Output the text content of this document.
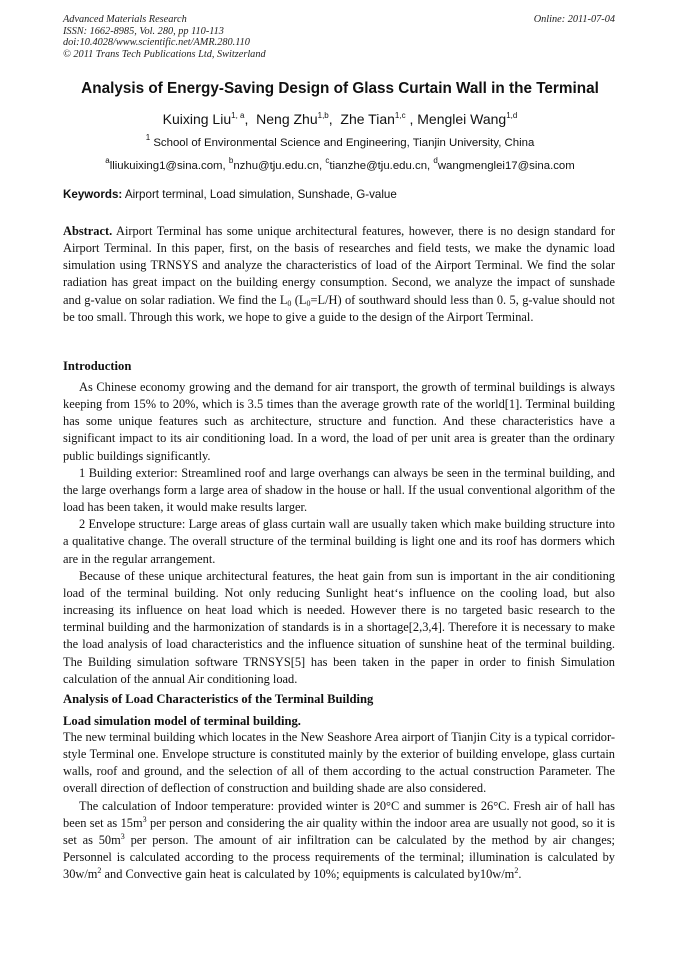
Advanced Materials Research	Online: 2011-07-04
ISSN: 1662-8985, Vol. 280, pp 110-113
doi:10.4028/www.scientific.net/AMR.280.110
© 2011 Trans Tech Publications Ltd, Switzerland
Analysis of Energy-Saving Design of Glass Curtain Wall in the Terminal
Kuixing Liu$^{1, a}$,  Neng Zhu$^{1,b}$,  Zhe Tian$^{1,c}$ , Menglei Wang$^{1,d}$
$^1$ School of Environmental Science and Engineering, Tianjin University, China
$^a$lliukuixing1@sina.com, $^b$nzhu@tju.edu.cn, $^c$tianzhe@tju.edu.cn, $^d$wangmenglei17@sina.com
Keywords: Airport terminal, Load simulation, Sunshade, G-value

Abstract. Airport Terminal has some unique architectural features, however, there is no design standard for Airport Terminal. In this paper, first, on the basis of researches and field tests, we make the dynamic load simulation using TRNSYS and analyze the characteristics of load of the Airport Terminal. We find the solar radiation has great impact on the building energy consumption. Second, we analyze the impact of sunshade and g-value on solar radiation. We find the $L_0$ $(L_0=L/H)$ of southward should less than 0. 5, g-value should not be too small. Through this work, we hope to give a guide to the design of the Airport Terminal.

Introduction

As Chinese economy growing and the demand for air transport, the growth of terminal buildings is always keeping from 15% to 20%, which is 3.5 times than the average growth rate of the world[1]. Terminal building has some unique features such as architecture, structure and function. And these characteristics have a significant impact to its air conditioning load. In a word, the load of per unit area is greater than the ordinary public buildings significantly.

1 Building exterior: Streamlined roof and large overhangs can always be seen in the terminal building, and the large overhangs form a large area of shadow in the house or hall. If the usual conventional algorithm of the load has been taken, it would make results larger.

2 Envelope structure: Large areas of glass curtain wall are usually taken which make building structure into a qualitative change. The overall structure of the terminal building is light one and its roof has dormers which are in the regular arrangement.

Because of these unique architectural features, the heat gain from sun is important in the air conditioning load of the terminal building. Not only reducing Sunlight heat‘s influence on the cooling load, but also increasing its influence on heat load which is needed. However there is no targeted basic research to the terminal building and the harmonization of standards is in a shortage[2,3,4]. Therefore it is necessary to make the load analysis of load characteristics and the influence situation of sunshine heat of the terminal building. The Building simulation software TRNSYS[5] has been taken in the paper in order to finish Simulation calculation of the annual Air conditioning load.

Analysis of Load Characteristics of the Terminal Building
Load simulation model of terminal building.

The new terminal building which locates in the New Seashore Area airport of Tianjin City is a typical corridor-style Terminal one. Envelope structure is constituted mainly by the exterior of building envelope, glass curtain walls, roof and ground, and the selection of all of them according to the actual construction Parameter. The overall direction of deflection of construction and building shade are also considered.

The calculation of Indoor temperature: provided winter is 20°C and summer is 26°C. Fresh air of hall has been set as $15m^3$ per person and considering the air quality within the indoor area are usually not good, so it is set as $50m^3$ per person. The amount of air infiltration can be calculated by the method by air changes; Personnel is calculated according to the process requirements of the terminal; illumination is calculated by $30w/m^2$ and Convective gain heat is calculated by 10%; equipments is calculated $by10w/m^2$.
